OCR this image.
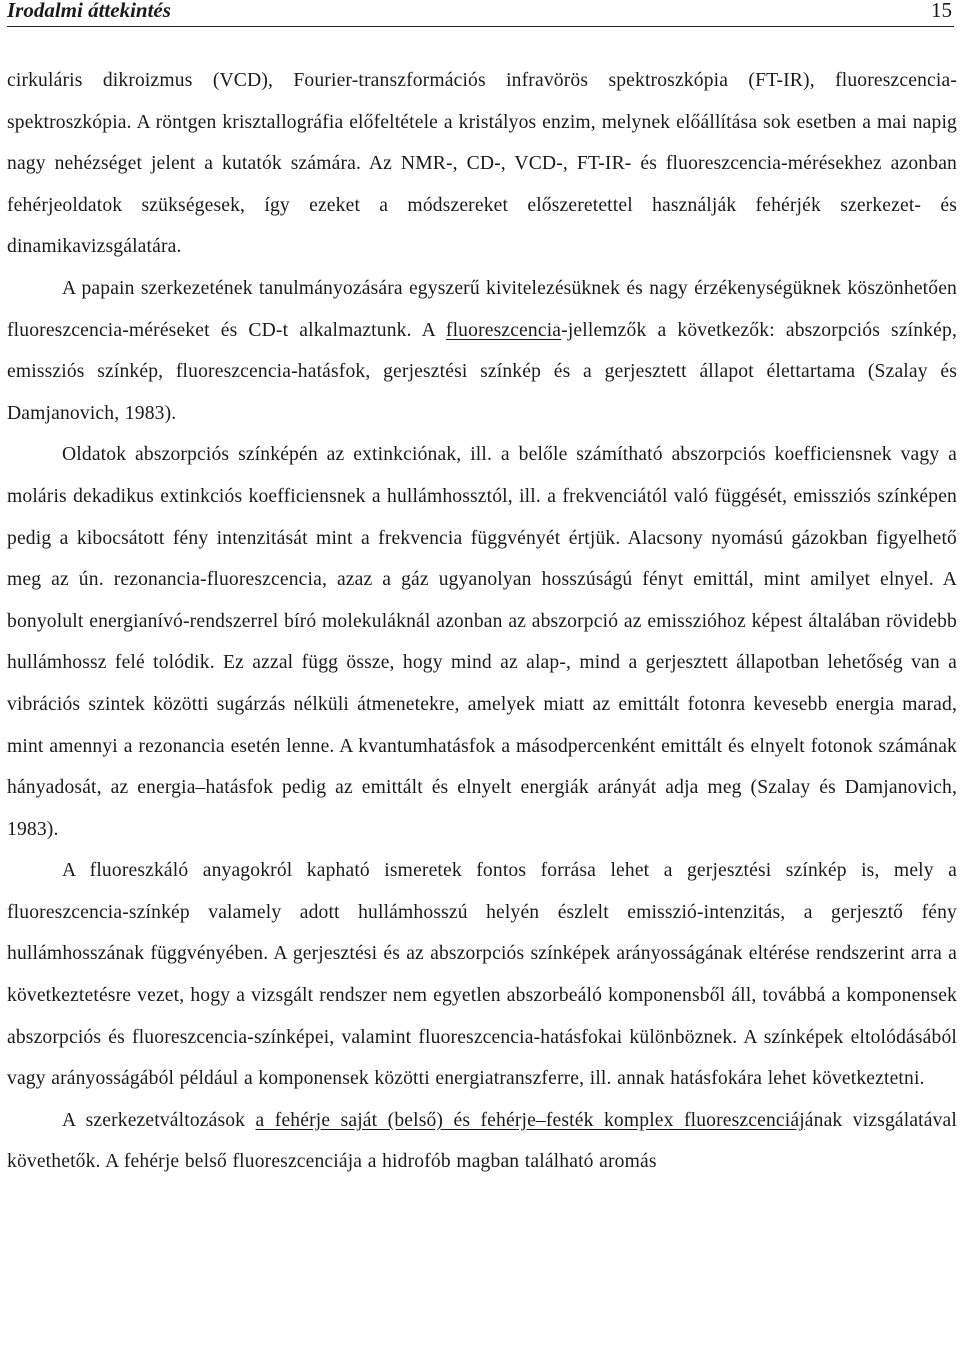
Irodalmi áttekintés	15

cirkuláris dikroizmus (VCD), Fourier-transzformációs infravörös spektroszkópia (FT-IR), fluoreszcencia-spektroszkópia. A röntgen krisztallográfia előfeltétele a kristályos enzim, melynek előállítása sok esetben a mai napig nagy nehézséget jelent a kutatók számára. Az NMR-, CD-, VCD-, FT-IR- és fluoreszcencia-mérésekhez azonban fehérjeoldatok szükségesek, így ezeket a módszereket előszeretettel használják fehérjék szerkezet- és dinamikavizsgálatára.

A papain szerkezetének tanulmányozására egyszerű kivitelezésüknek és nagy érzékenységüknek köszönhetően fluoreszcencia-méréseket és CD-t alkalmaztunk. A fluoreszcencia-jellemzők a következők: abszorpciós színkép, emissziós színkép, fluoreszcencia-hatásfok, gerjesztési színkép és a gerjesztett állapot élettartama (Szalay és Damjanovich, 1983).

Oldatok abszorpciós színképén az extinkciónak, ill. a belőle számítható abszorpciós koefficiensnek vagy a moláris dekadikus extinkciós koefficiensnek a hullámhossztól, ill. a frekvenciától való függését, emissziós színképen pedig a kibocsátott fény intenzitását mint a frekvencia függvényét értjük. Alacsony nyomású gázokban figyelhető meg az ún. rezonancia-fluoreszcencia, azaz a gáz ugyanolyan hosszúságú fényt emittál, mint amilyet elnyel. A bonyolult energianívó-rendszerrel bíró molekuláknál azonban az abszorpció az emisszióhoz képest általában rövidebb hullámhossz felé tolódik. Ez azzal függ össze, hogy mind az alap-, mind a gerjesztett állapotban lehetőség van a vibrációs szintek közötti sugárzás nélküli átmenetekre, amelyek miatt az emittált fotonra kevesebb energia marad, mint amennyi a rezonancia esetén lenne. A kvantumhatásfok a másodpercenként emittált és elnyelt fotonok számának hányadosát, az energia–hatásfok pedig az emittált és elnyelt energiák arányát adja meg (Szalay és Damjanovich, 1983).

A fluoreszkáló anyagokról kapható ismeretek fontos forrása lehet a gerjesztési színkép is, mely a fluoreszcencia-színkép valamely adott hullámhosszú helyén észlelt emisszió-intenzitás, a gerjesztő fény hullámhosszának függvényében. A gerjesztési és az abszorpciós színképek arányosságának eltérése rendszerint arra a következtetésre vezet, hogy a vizsgált rendszer nem egyetlen abszorbeáló komponensből áll, továbbá a komponensek abszorpciós és fluoreszcencia-színképei, valamint fluoreszcencia-hatásfokai különböznek. A színképek eltolódásából vagy arányosságából például a komponensek közötti energiatranszferre, ill. annak hatásfokára lehet következtetni.

A szerkezetváltozások a fehérje saját (belső) és fehérje–festék komplex fluoreszcenciájának vizsgálatával követhetők. A fehérje belső fluoreszcenciája a hidrofób magban található aromás
